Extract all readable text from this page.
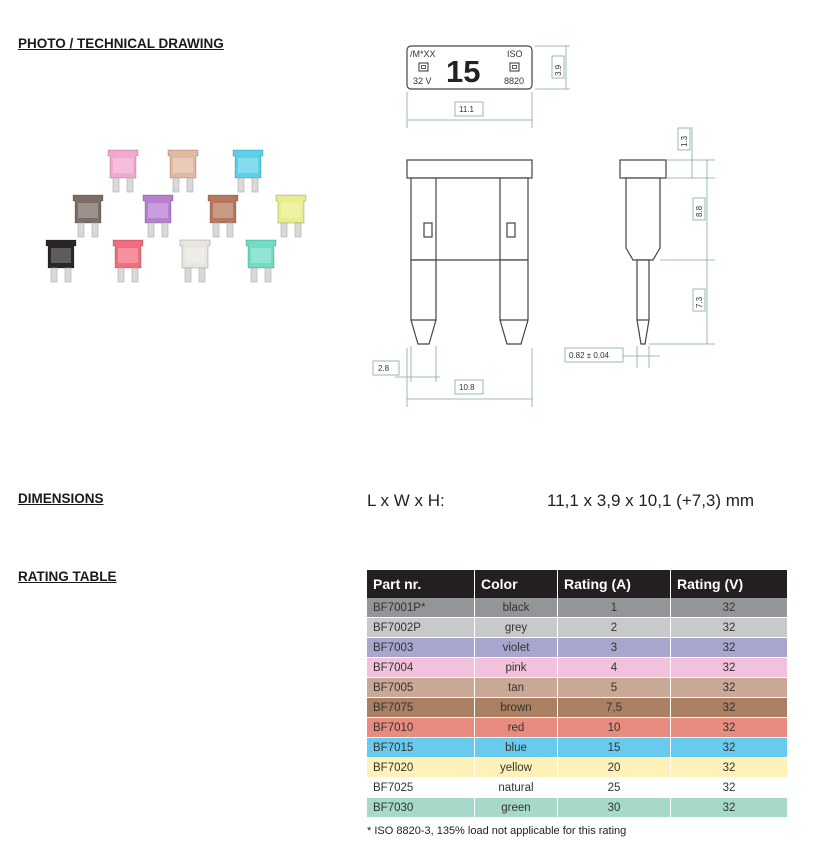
PHOTO / TECHNICAL DRAWING
DIMENSIONS
RATING TABLE
/M*XX
32 V 15	ISO
8820
3.9
11.1
2.8
10.8
1.3
8.8
7.3
0.82 ± 0.04
L x W x H:	11,1 x 3,9 x 10,1 (+7,3) mm
Part nr.	Color	Rating (A)	Rating (V)
BF7001P*	black	1	32
BF7002P	grey	2	32
BF7003	violet	3	32
BF7004	pink	4	32
BF7005	tan	5	32
BF7075	brown	7,5	32
BF7010	red	10	32
BF7015	blue	15	32
BF7020	yellow	20	32
BF7025	natural	25	32
BF7030	green	30	32
* ISO 8820-3, 135% load not applicable for this rating
